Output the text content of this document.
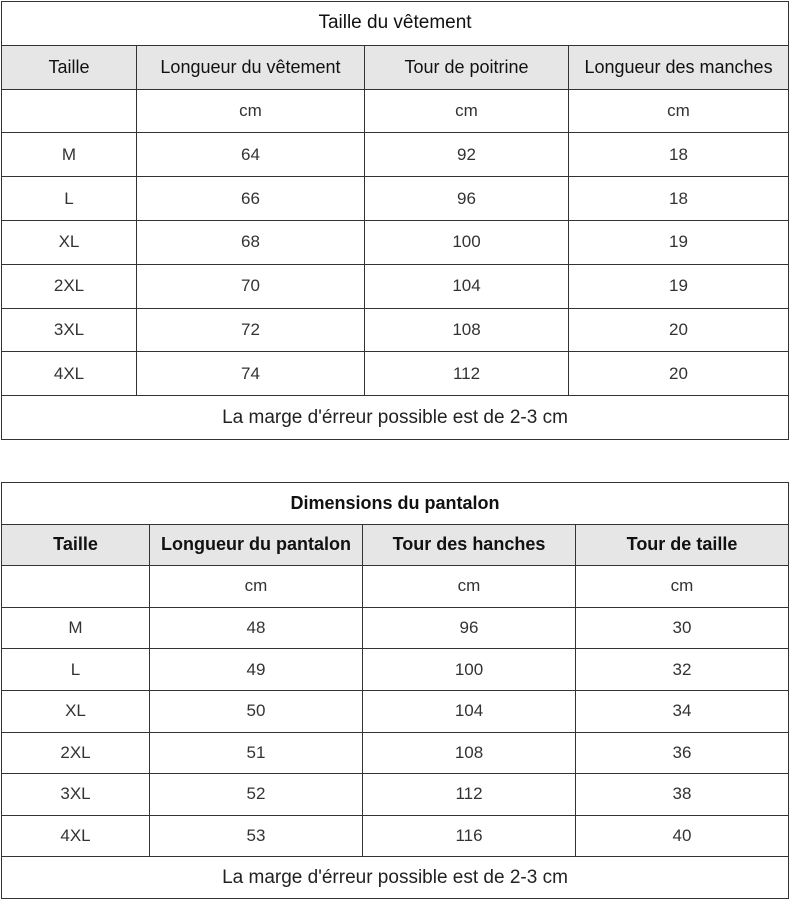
Taille du vêtement			
Taille	Longueur du vêtement	Tour de poitrine	Longueur des manches
	cm	cm	cm
M	64	92	18
L	66	96	18
XL	68	100	19
2XL	70	104	19
3XL	72	108	20
4XL	74	112	20
La marge d'érreur possible est de 2-3 cm			
Dimensions du pantalon			
Taille	Longueur du pantalon	Tour des hanches	Tour de taille
	cm	cm	cm
M	48	96	30
L	49	100	32
XL	50	104	34
2XL	51	108	36
3XL	52	112	38
4XL	53	116	40
La marge d'érreur possible est de 2-3 cm			
